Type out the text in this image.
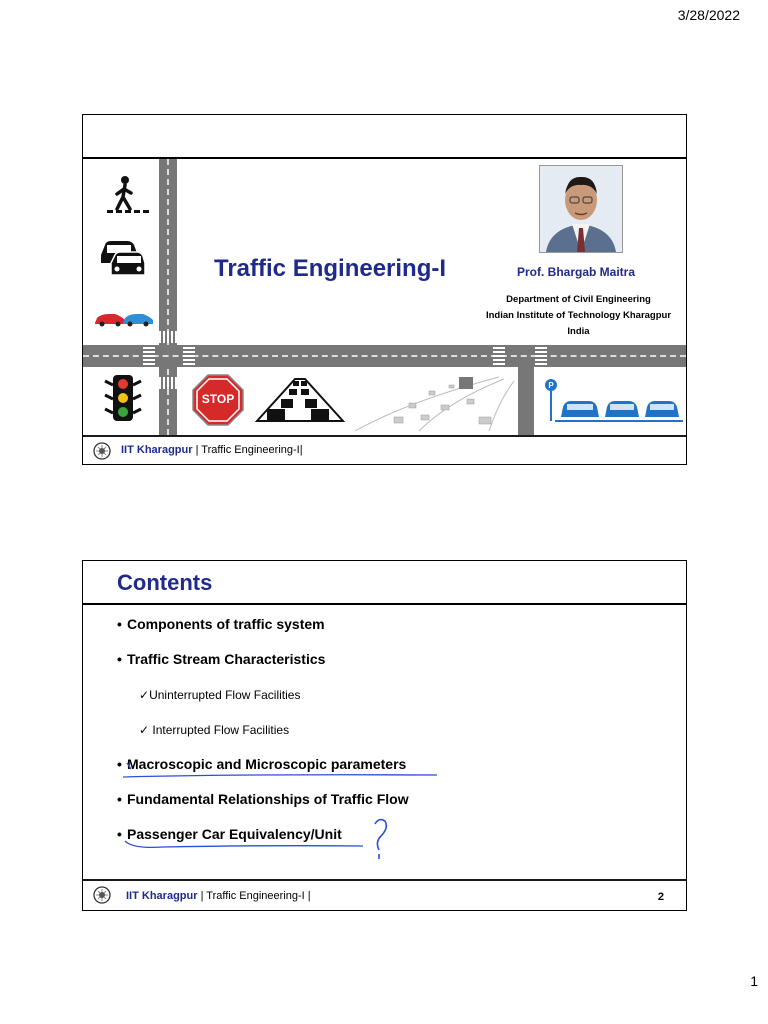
3/28/2022
STOP
P
Traffic Engineering-I	Prof. Bhargab Maitra
Department of Civil Engineering
Indian Institute of Technology Kharagpur
India
IIT Kharagpur | Traffic Engineering-I|
Contents
• Components of traffic system
• Traffic Stream Characteristics
✓Uninterrupted Flow Facilities
✓ Interrupted Flow Facilities
• Macroscopic and Microscopic parameters
• Fundamental Relationships of Traffic Flow
• Passenger Car Equivalency/Unit
IIT Kharagpur | Traffic Engineering-I |	2
1
